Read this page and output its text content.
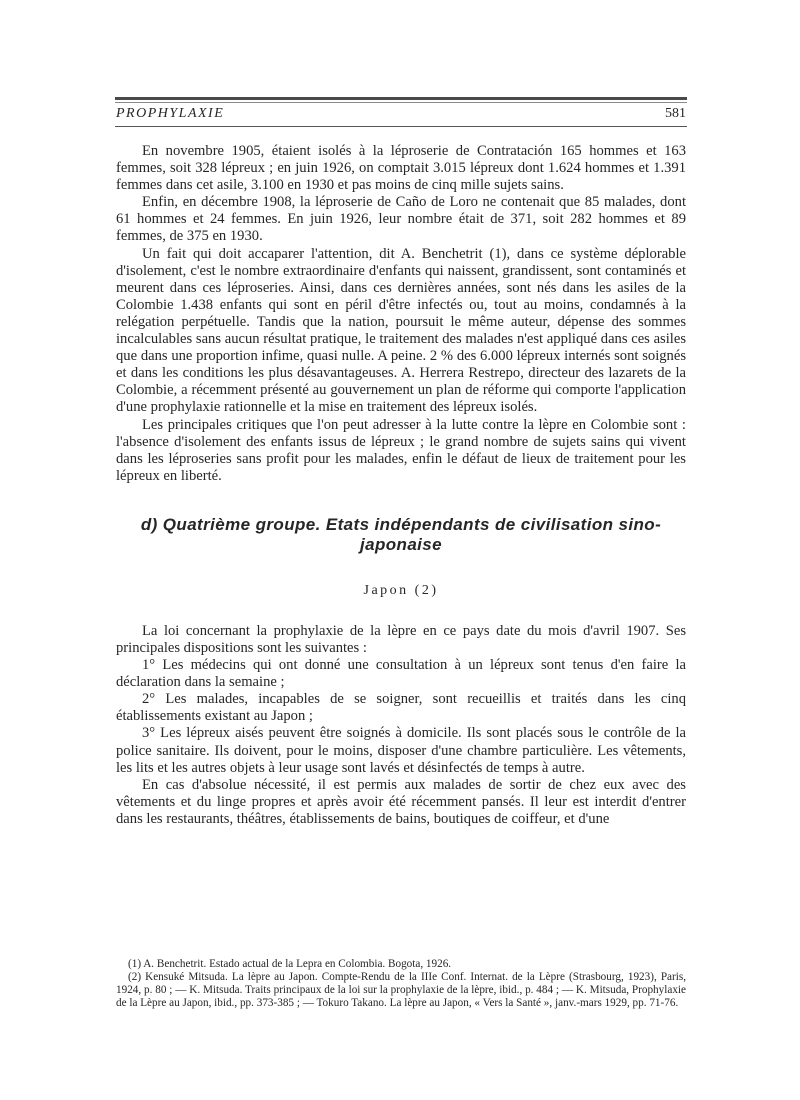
PROPHYLAXIE	581

En novembre 1905, étaient isolés à la léproserie de Contratación 165 hommes et 163 femmes, soit 328 lépreux ; en juin 1926, on comptait 3.015 lépreux dont 1.624 hommes et 1.391 femmes dans cet asile, 3.100 en 1930 et pas moins de cinq mille sujets sains.

Enfin, en décembre 1908, la léproserie de Caño de Loro ne contenait que 85 malades, dont 61 hommes et 24 femmes. En juin 1926, leur nombre était de 371, soit 282 hommes et 89 femmes, de 375 en 1930.

Un fait qui doit accaparer l'attention, dit A. Benchetrit (1), dans ce système déplorable d'isolement, c'est le nombre extraordinaire d'enfants qui naissent, grandissent, sont contaminés et meurent dans ces léproseries. Ainsi, dans ces dernières années, sont nés dans les asiles de la Colombie 1.438 enfants qui sont en péril d'être infectés ou, tout au moins, condamnés à la relégation perpétuelle. Tandis que la nation, poursuit le même auteur, dépense des sommes incalculables sans aucun résultat pratique, le traitement des malades n'est appliqué dans ces asiles que dans une proportion infime, quasi nulle. A peine. 2 % des 6.000 lépreux internés sont soignés et dans les conditions les plus désavantageuses. A. Herrera Restrepo, directeur des lazarets de la Colombie, a récemment présenté au gouvernement un plan de réforme qui comporte l'application d'une prophylaxie rationnelle et la mise en traitement des lépreux isolés.

Les principales critiques que l'on peut adresser à la lutte contre la lèpre en Colombie sont : l'absence d'isolement des enfants issus de lépreux ; le grand nombre de sujets sains qui vivent dans les léproseries sans profit pour les malades, enfin le défaut de lieux de traitement pour les lépreux en liberté.

d) Quatrième groupe. Etats indépendants de civilisation sino-japonaise
Japon (2)

La loi concernant la prophylaxie de la lèpre en ce pays date du mois d'avril 1907. Ses principales dispositions sont les suivantes :

1° Les médecins qui ont donné une consultation à un lépreux sont tenus d'en faire la déclaration dans la semaine ;

2° Les malades, incapables de se soigner, sont recueillis et traités dans les cinq établissements existant au Japon ;

3° Les lépreux aisés peuvent être soignés à domicile. Ils sont placés sous le contrôle de la police sanitaire. Ils doivent, pour le moins, disposer d'une chambre particulière. Les vêtements, les lits et les autres objets à leur usage sont lavés et désinfectés de temps à autre.

En cas d'absolue nécessité, il est permis aux malades de sortir de chez eux avec des vêtements et du linge propres et après avoir été récemment pansés. Il leur est interdit d'entrer dans les restaurants, théâtres, établissements de bains, boutiques de coiffeur, et d'une

(1) A. Benchetrit. Estado actual de la Lepra en Colombia. Bogota, 1926.

(2) Kensuké Mitsuda. La lèpre au Japon. Compte-Rendu de la IIIe Conf. Internat. de la Lèpre (Strasbourg, 1923), Paris, 1924, p. 80 ; — K. Mitsuda. Traits principaux de la loi sur la prophylaxie de la lèpre, ibid., p. 484 ; — K. Mitsuda, Prophylaxie de la Lèpre au Japon, ibid., pp. 373-385 ; — Tokuro Takano. La lèpre au Japon, « Vers la Santé », janv.-mars 1929, pp. 71-76.
